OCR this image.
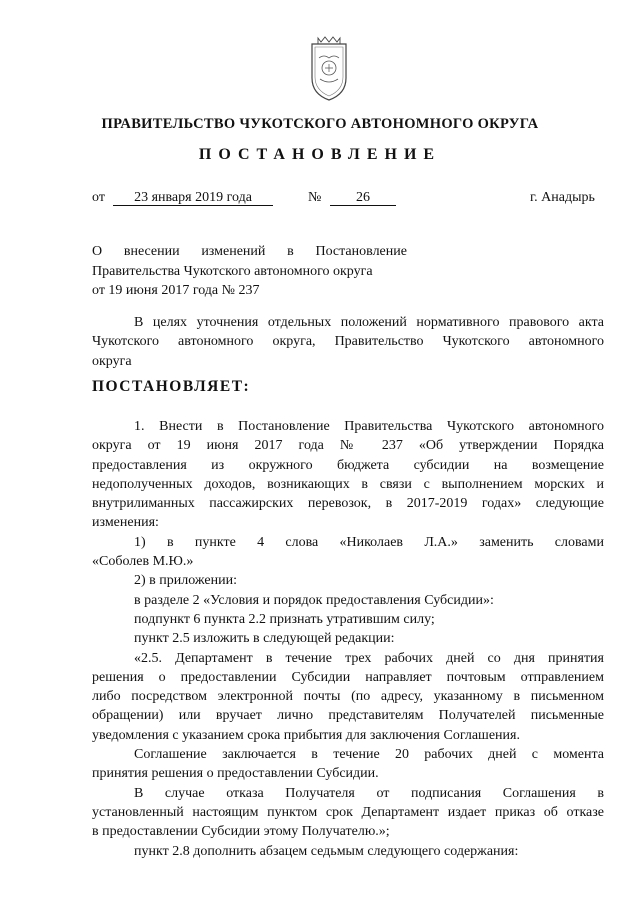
ПРАВИТЕЛЬСТВО ЧУКОТСКОГО АВТОНОМНОГО ОКРУГА
ПОСТАНОВЛЕНИЕ
от	23 января 2019 года	№	26	г. Анадырь
О внесении изменений в Постановление
Правительства Чукотского автономного округа
от 19 июня 2017 года № 237
В целях уточнения отдельных положений нормативного правового акта
Чукотского автономного округа, Правительство Чукотского автономного
округа
ПОСТАНОВЛЯЕТ:
1. Внести в Постановление Правительства Чукотского автономного
округа от 19 июня 2017 года № 237 «Об утверждении Порядка
предоставления из окружного бюджета субсидии на возмещение
недополученных доходов, возникающих в связи с выполнением морских и
внутрилиманных пассажирских перевозок, в 2017-2019 годах» следующие
изменения:
1) в пункте 4 слова «Николаев Л.А.» заменить словами
«Соболев М.Ю.»
2) в приложении:
в разделе 2 «Условия и порядок предоставления Субсидии»:
подпункт 6 пункта 2.2 признать утратившим силу;
пункт 2.5 изложить в следующей редакции:
«2.5. Департамент в течение трех рабочих дней со дня принятия
решения о предоставлении Субсидии направляет почтовым отправлением
либо посредством электронной почты (по адресу, указанному в письменном
обращении) или вручает лично представителям Получателей письменные
уведомления с указанием срока прибытия для заключения Соглашения.
Соглашение заключается в течение 20 рабочих дней с момента
принятия решения о предоставлении Субсидии.
В случае отказа Получателя от подписания Соглашения в
установленный настоящим пунктом срок Департамент издает приказ об отказе
в предоставлении Субсидии этому Получателю.»;
пункт 2.8 дополнить абзацем седьмым следующего содержания:
